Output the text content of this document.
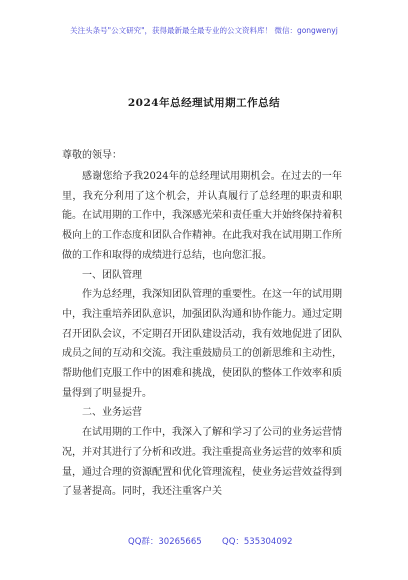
关注头条号"公文研究"，获得最新最全最专业的公文资料库！ 微信：gongwenyj
2024年总经理试用期工作总结
尊敬的领导：

感谢您给予我2024年的总经理试用期机会。在过去的一年里，我充分利用了这个机会，并认真履行了总经理的职责和职能。在试用期的工作中，我深感光荣和责任重大并始终保持着积极向上的工作态度和团队合作精神。在此我对我在试用期工作所做的工作和取得的成绩进行总结，也向您汇报。

一、团队管理

作为总经理，我深知团队管理的重要性。在这一年的试用期中，我注重培养团队意识，加强团队沟通和协作能力。通过定期召开团队会议，不定期召开团队建设活动，我有效地促进了团队成员之间的互动和交流。我注重鼓励员工的创新思维和主动性，帮助他们克服工作中的困难和挑战，使团队的整体工作效率和质量得到了明显提升。

二、业务运营

在试用期的工作中，我深入了解和学习了公司的业务运营情况，并对其进行了分析和改进。我注重提高业务运营的效率和质量，通过合理的资源配置和优化管理流程，使业务运营效益得到了显著提高。同时，我还注重客户关

QQ群：30265665 QQ：535304092
